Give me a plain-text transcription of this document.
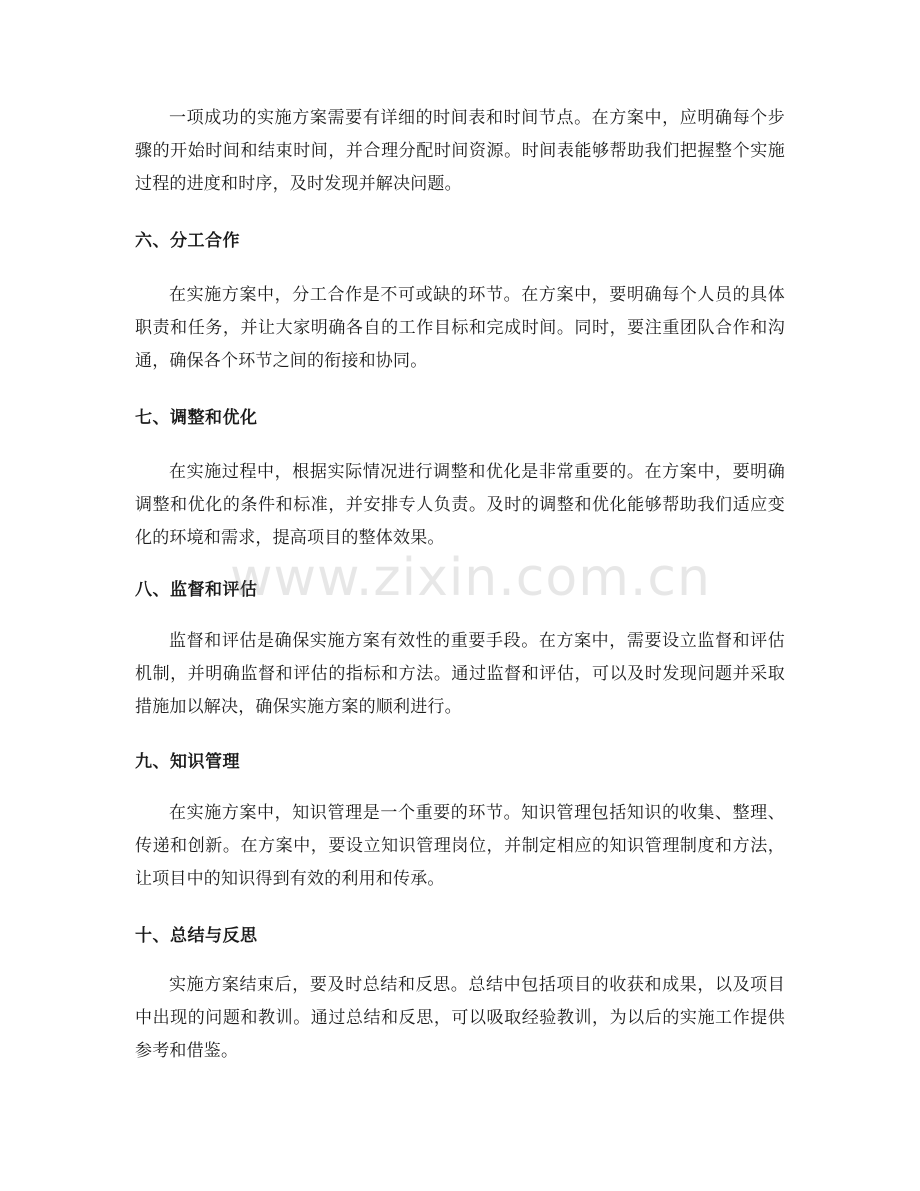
一项成功的实施方案需要有详细的时间表和时间节点。在方案中，应明确每个步骤的开始时间和结束时间，并合理分配时间资源。时间表能够帮助我们把握整个实施过程的进度和时序，及时发现并解决问题。

六、分工合作

在实施方案中，分工合作是不可或缺的环节。在方案中，要明确每个人员的具体职责和任务，并让大家明确各自的工作目标和完成时间。同时，要注重团队合作和沟通，确保各个环节之间的衔接和协同。

七、调整和优化

在实施过程中，根据实际情况进行调整和优化是非常重要的。在方案中，要明确调整和优化的条件和标准，并安排专人负责。及时的调整和优化能够帮助我们适应变化的环境和需求，提高项目的整体效果。

八、监督和评估

监督和评估是确保实施方案有效性的重要手段。在方案中，需要设立监督和评估机制，并明确监督和评估的指标和方法。通过监督和评估，可以及时发现问题并采取措施加以解决，确保实施方案的顺利进行。

九、知识管理

在实施方案中，知识管理是一个重要的环节。知识管理包括知识的收集、整理、传递和创新。在方案中，要设立知识管理岗位，并制定相应的知识管理制度和方法，让项目中的知识得到有效的利用和传承。

十、总结与反思

实施方案结束后，要及时总结和反思。总结中包括项目的收获和成果，以及项目中出现的问题和教训。通过总结和反思，可以吸取经验教训，为以后的实施工作提供参考和借鉴。

www.zixin.com.cn
